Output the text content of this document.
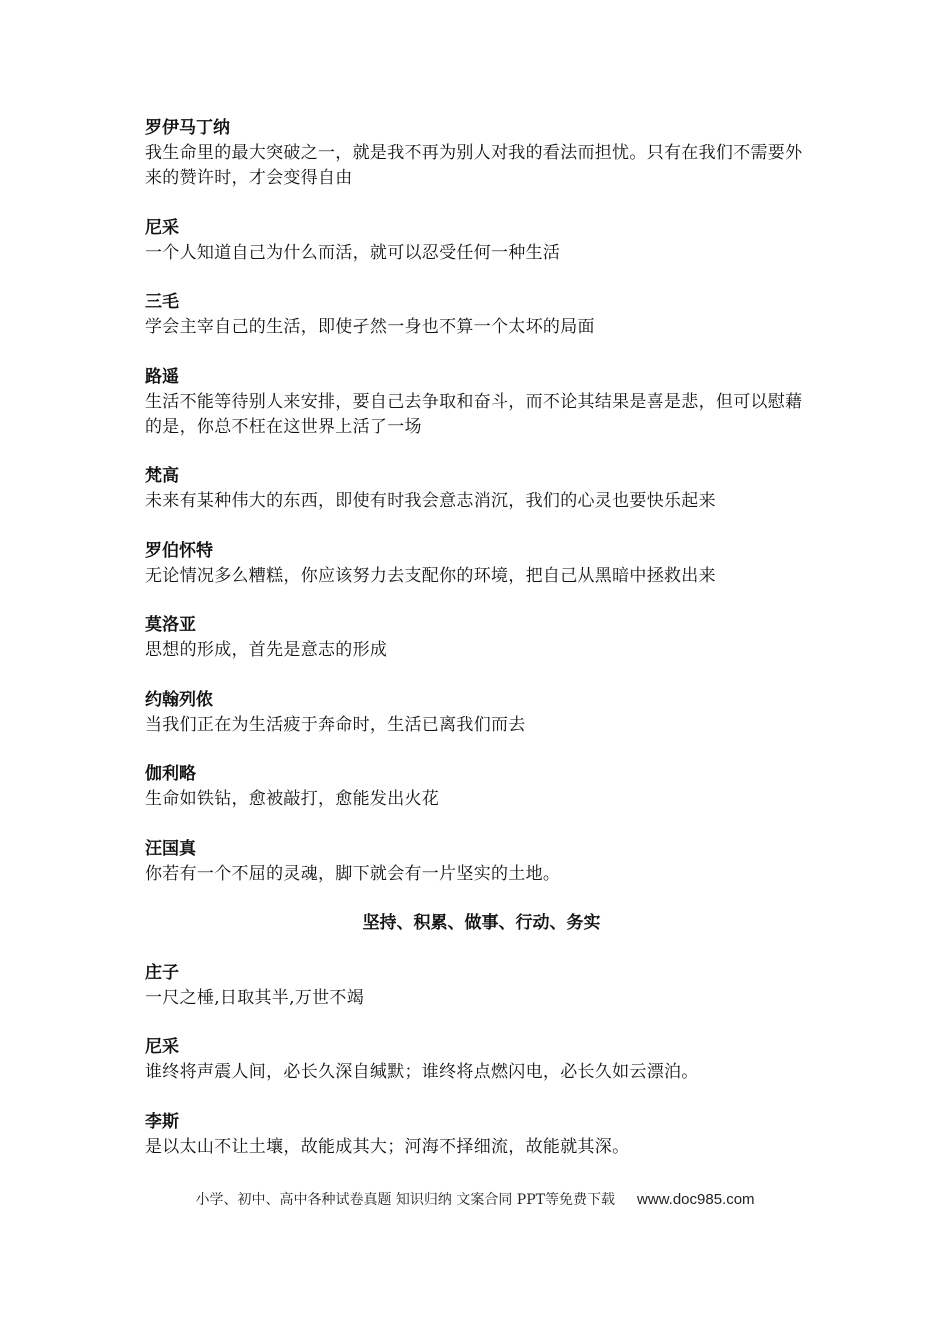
罗伊马丁纳

我生命里的最大突破之一，就是我不再为别人对我的看法而担忧。只有在我们不需要外来的赞许时，才会变得自由

尼采

一个人知道自己为什么而活，就可以忍受任何一种生活

三毛

学会主宰自己的生活，即使孑然一身也不算一个太坏的局面

路遥

生活不能等待别人来安排，要自己去争取和奋斗，而不论其结果是喜是悲，但可以慰藉的是，你总不枉在这世界上活了一场

梵高

未来有某种伟大的东西，即使有时我会意志消沉，我们的心灵也要快乐起来

罗伯怀特

无论情况多么糟糕，你应该努力去支配你的环境，把自己从黑暗中拯救出来

莫洛亚

思想的形成，首先是意志的形成

约翰列侬

当我们正在为生活疲于奔命时，生活已离我们而去

伽利略

生命如铁钻，愈被敲打，愈能发出火花

汪国真

你若有一个不屈的灵魂，脚下就会有一片坚实的土地。

坚持、积累、做事、行动、务实

庄子

一尺之棰,日取其半,万世不竭

尼采

谁终将声震人间，必长久深自缄默；谁终将点燃闪电，必长久如云漂泊。

李斯

是以太山不让土壤，故能成其大；河海不择细流，故能就其深。

小学、初中、高中各种试卷真题 知识归纳 文案合同 PPT等免费下载 www.doc985.com
